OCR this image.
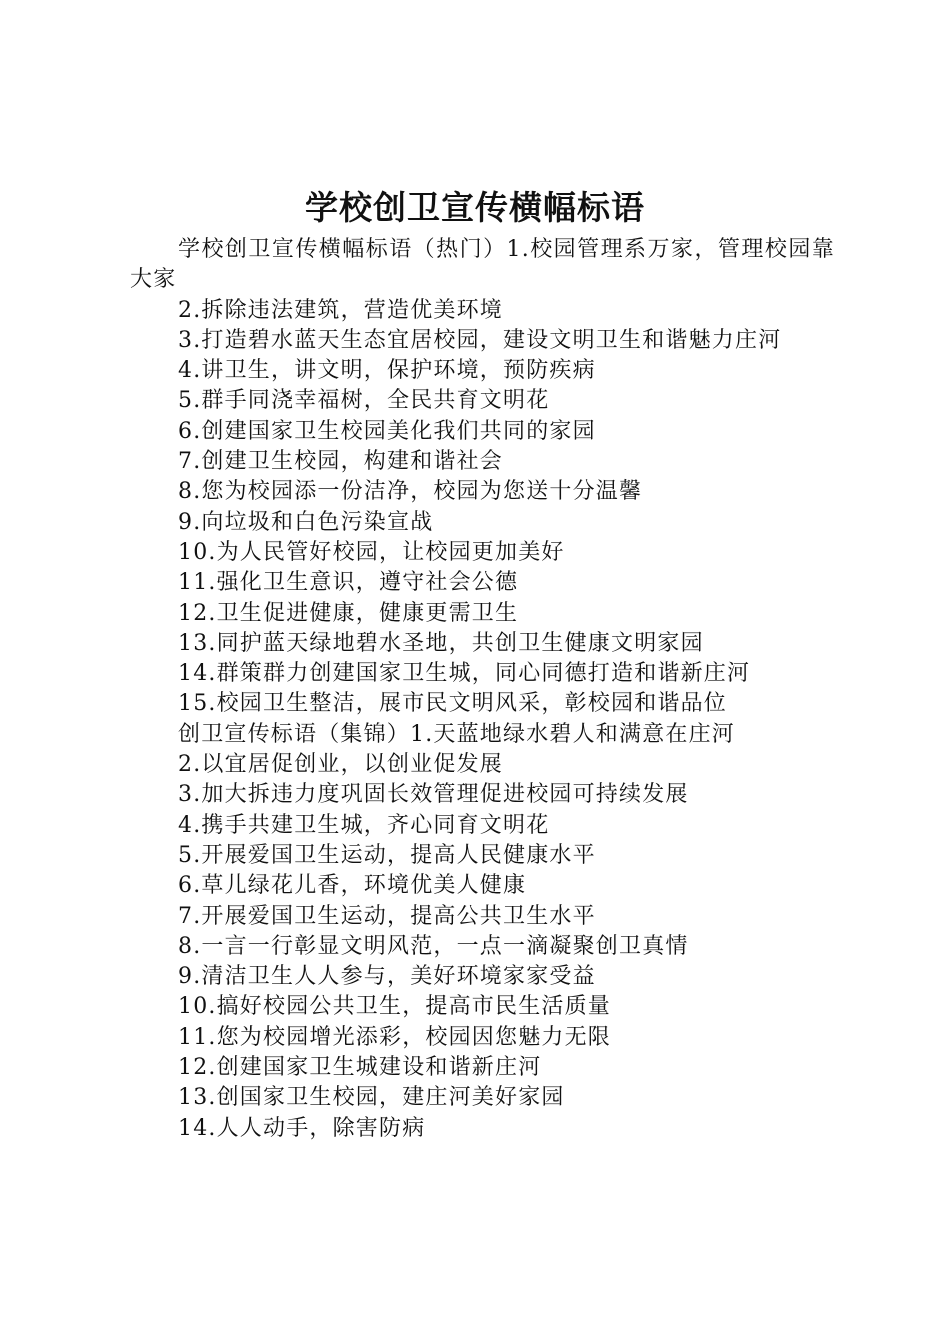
学校创卫宣传横幅标语

学校创卫宣传横幅标语（热门）1.校园管理系万家，管理校园靠大家

2.拆除违法建筑，营造优美环境

3.打造碧水蓝天生态宜居校园，建设文明卫生和谐魅力庄河

4.讲卫生，讲文明，保护环境，预防疾病

5.群手同浇幸福树，全民共育文明花

6.创建国家卫生校园美化我们共同的家园

7.创建卫生校园，构建和谐社会

8.您为校园添一份洁净，校园为您送十分温馨

9.向垃圾和白色污染宣战

10.为人民管好校园，让校园更加美好

11.强化卫生意识，遵守社会公德

12.卫生促进健康，健康更需卫生

13.同护蓝天绿地碧水圣地，共创卫生健康文明家园

14.群策群力创建国家卫生城，同心同德打造和谐新庄河

15.校园卫生整洁，展市民文明风采，彰校园和谐品位

创卫宣传标语（集锦）1.天蓝地绿水碧人和满意在庄河

2.以宜居促创业，以创业促发展

3.加大拆违力度巩固长效管理促进校园可持续发展

4.携手共建卫生城，齐心同育文明花

5.开展爱国卫生运动，提高人民健康水平

6.草儿绿花儿香，环境优美人健康

7.开展爱国卫生运动，提高公共卫生水平

8.一言一行彰显文明风范，一点一滴凝聚创卫真情

9.清洁卫生人人参与，美好环境家家受益

10.搞好校园公共卫生，提高市民生活质量

11.您为校园增光添彩，校园因您魅力无限

12.创建国家卫生城建设和谐新庄河

13.创国家卫生校园，建庄河美好家园

14.人人动手，除害防病
